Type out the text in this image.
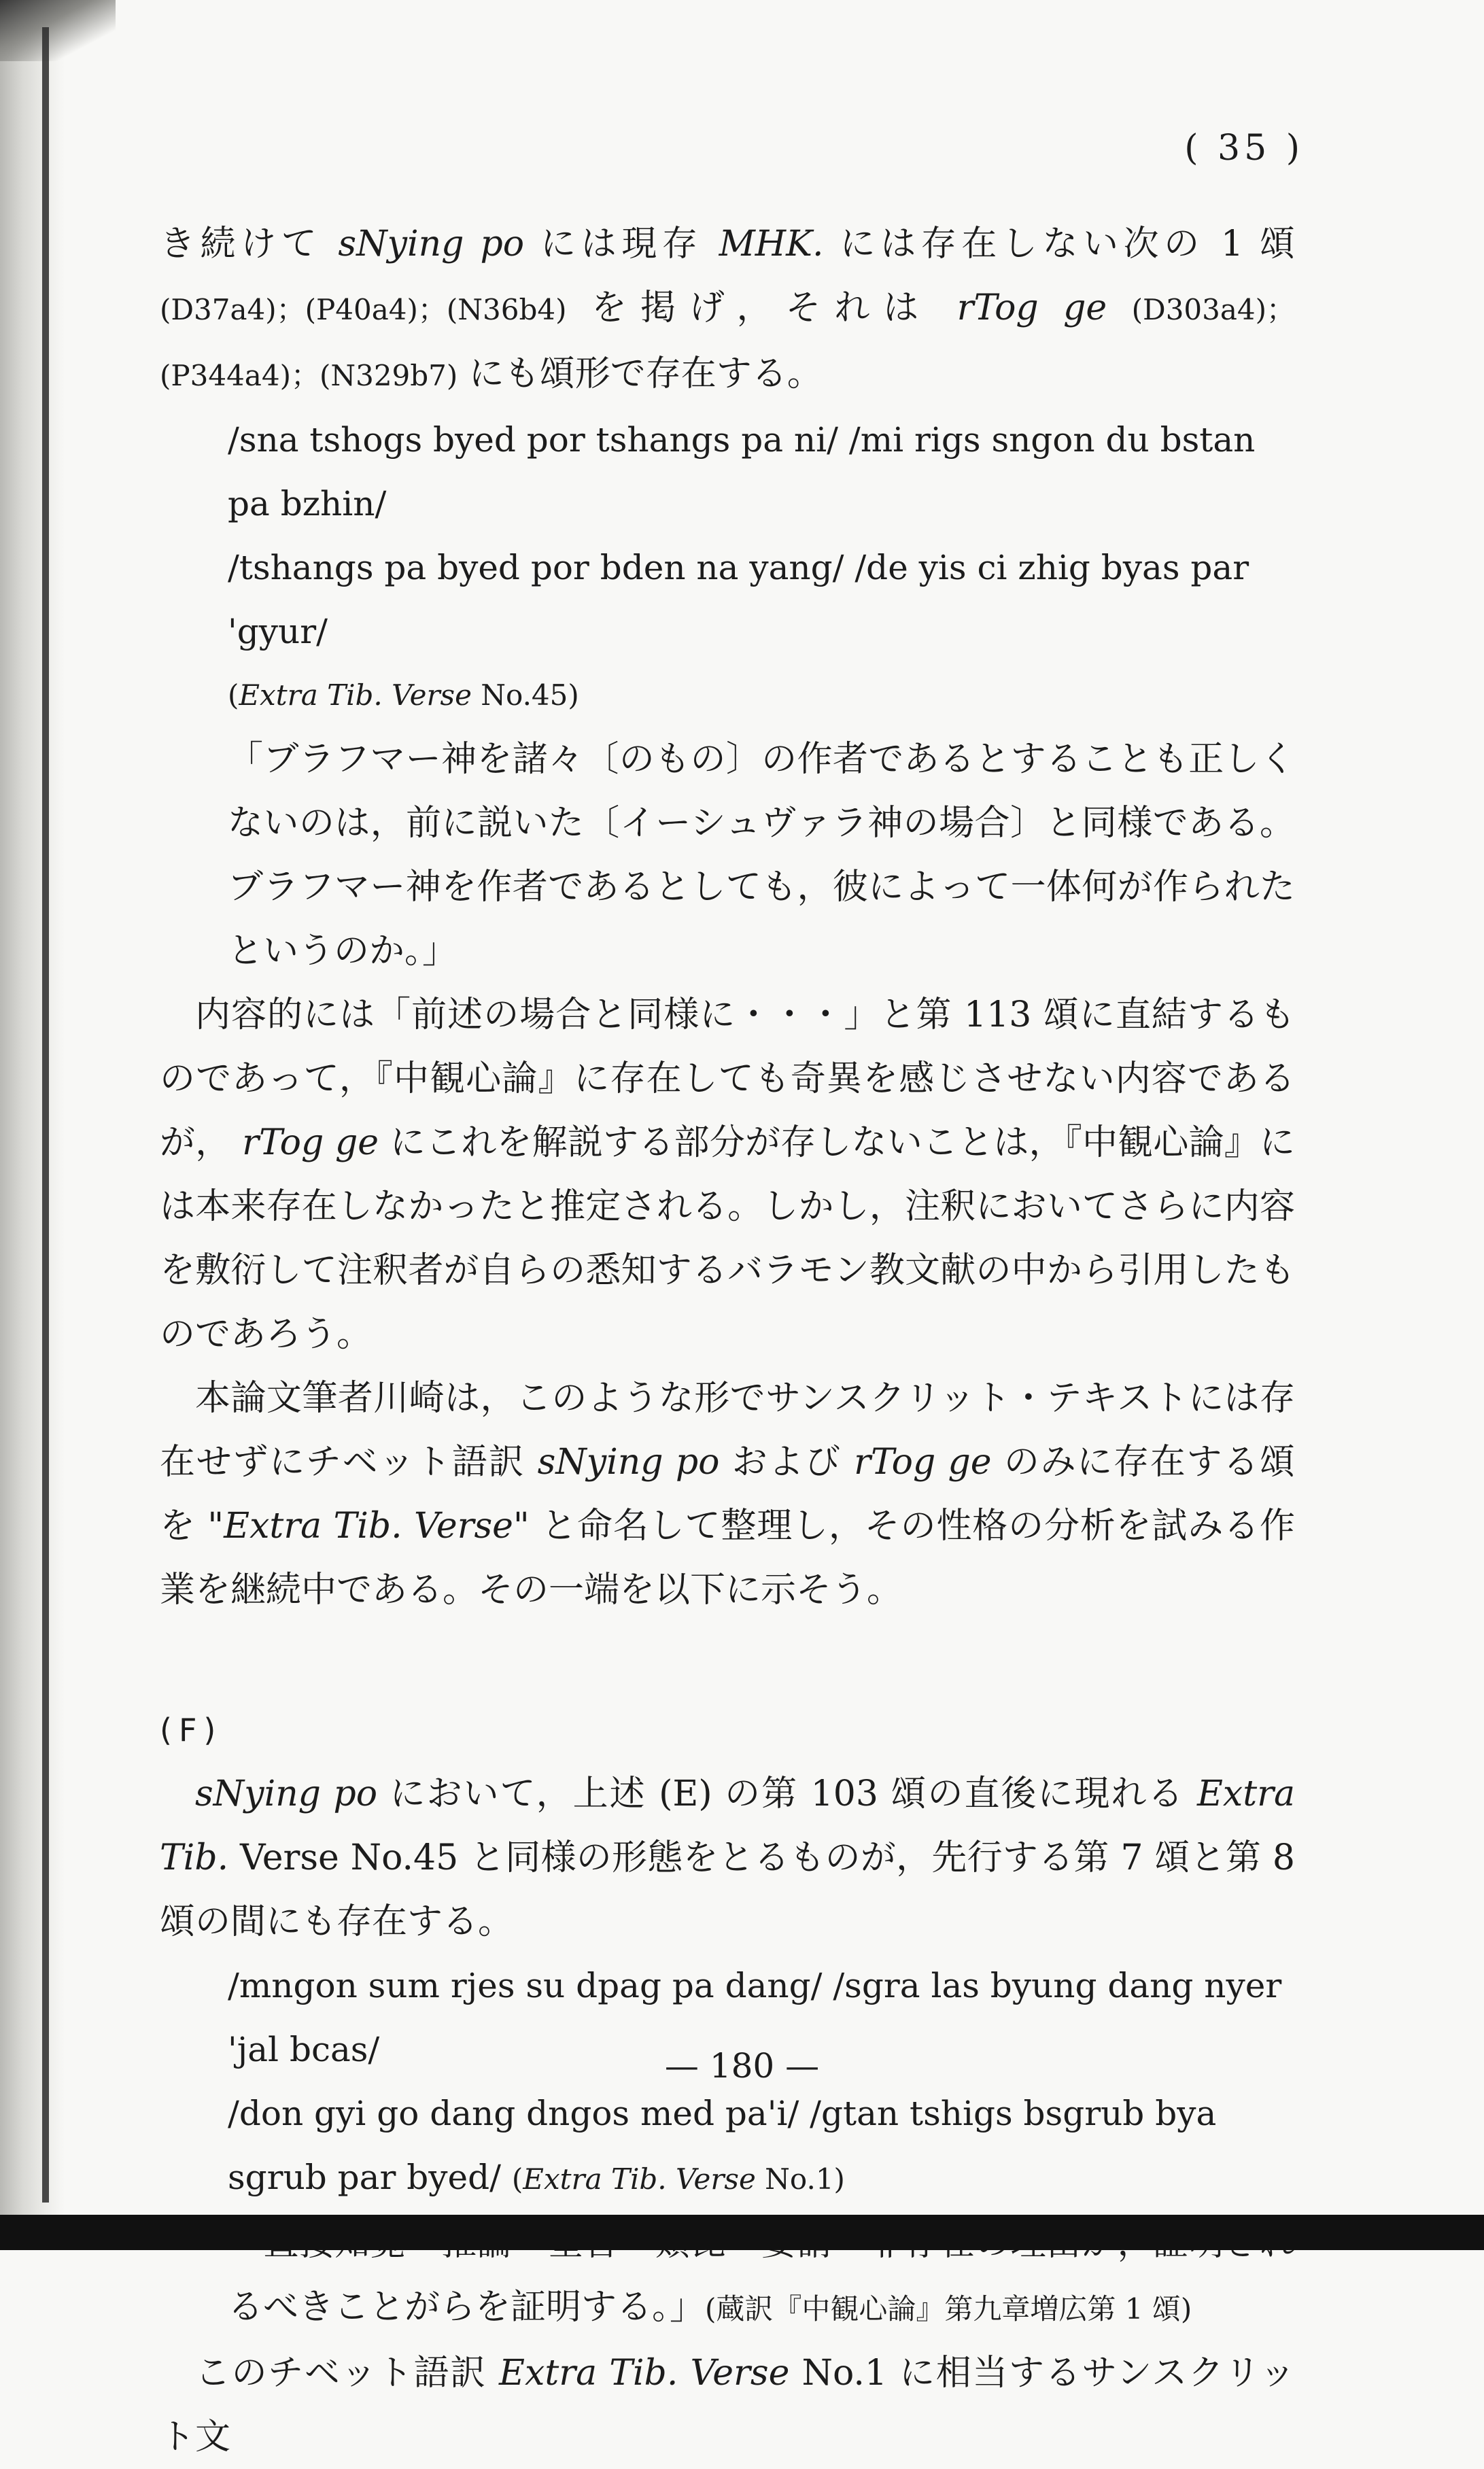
( 35 )

き続けて sNying po には現存 MHK. には存在しない次の 1 頌 (D37a4)；(P40a4)；(N36b4) を掲げ，それは rTog ge (D303a4)；(P344a4)；(N329b7) にも頌形で存在する。

/sna tshogs byed por tshangs pa ni/ /mi rigs sngon du bstan pa bzhin/
/tshangs pa byed por bden na yang/ /de yis ci zhig byas par 'gyur/
(Extra Tib. Verse No.45)

「ブラフマー神を諸々〔のもの〕の作者であるとすることも正しくないのは，前に説いた〔イーシュヴァラ神の場合〕と同様である。ブラフマー神を作者であるとしても，彼によって一体何が作られたというのか。」

内容的には「前述の場合と同様に・・・」と第 113 頌に直結するものであって，『中観心論』に存在しても奇異を感じさせない内容であるが， rTog ge にこれを解説する部分が存しないことは，『中観心論』には本来存在しなかったと推定される。しかし，注釈においてさらに内容を敷衍して注釈者が自らの悉知するバラモン教文献の中から引用したものであろう。

本論文筆者川崎は，このような形でサンスクリット・テキストには存在せずにチベット語訳 sNying po および rTog ge のみに存在する頌を "Extra Tib. Verse" と命名して整理し，その性格の分析を試みる作業を継続中である。その一端を以下に示そう。

(F)

sNying po において，上述 (E) の第 103 頌の直後に現れる Extra Tib. Verse No.45 と同様の形態をとるものが，先行する第 7 頌と第 8 頌の間にも存在する。

/mngon sum rjes su dpag pa dang/ /sgra las byung dang nyer 'jal bcas/
/don gyi go dang dngos med pa'i/ /gtan tshigs bsgrub bya sgrub par byed/ (Extra Tib. Verse No.1)

るべきことがらを証明する。」(蔵訳『中観心論』第九章増広第 1 頌)

このチベット語訳 Extra Tib. Verse No.1 に相当するサンスクリット文

— 180 —
